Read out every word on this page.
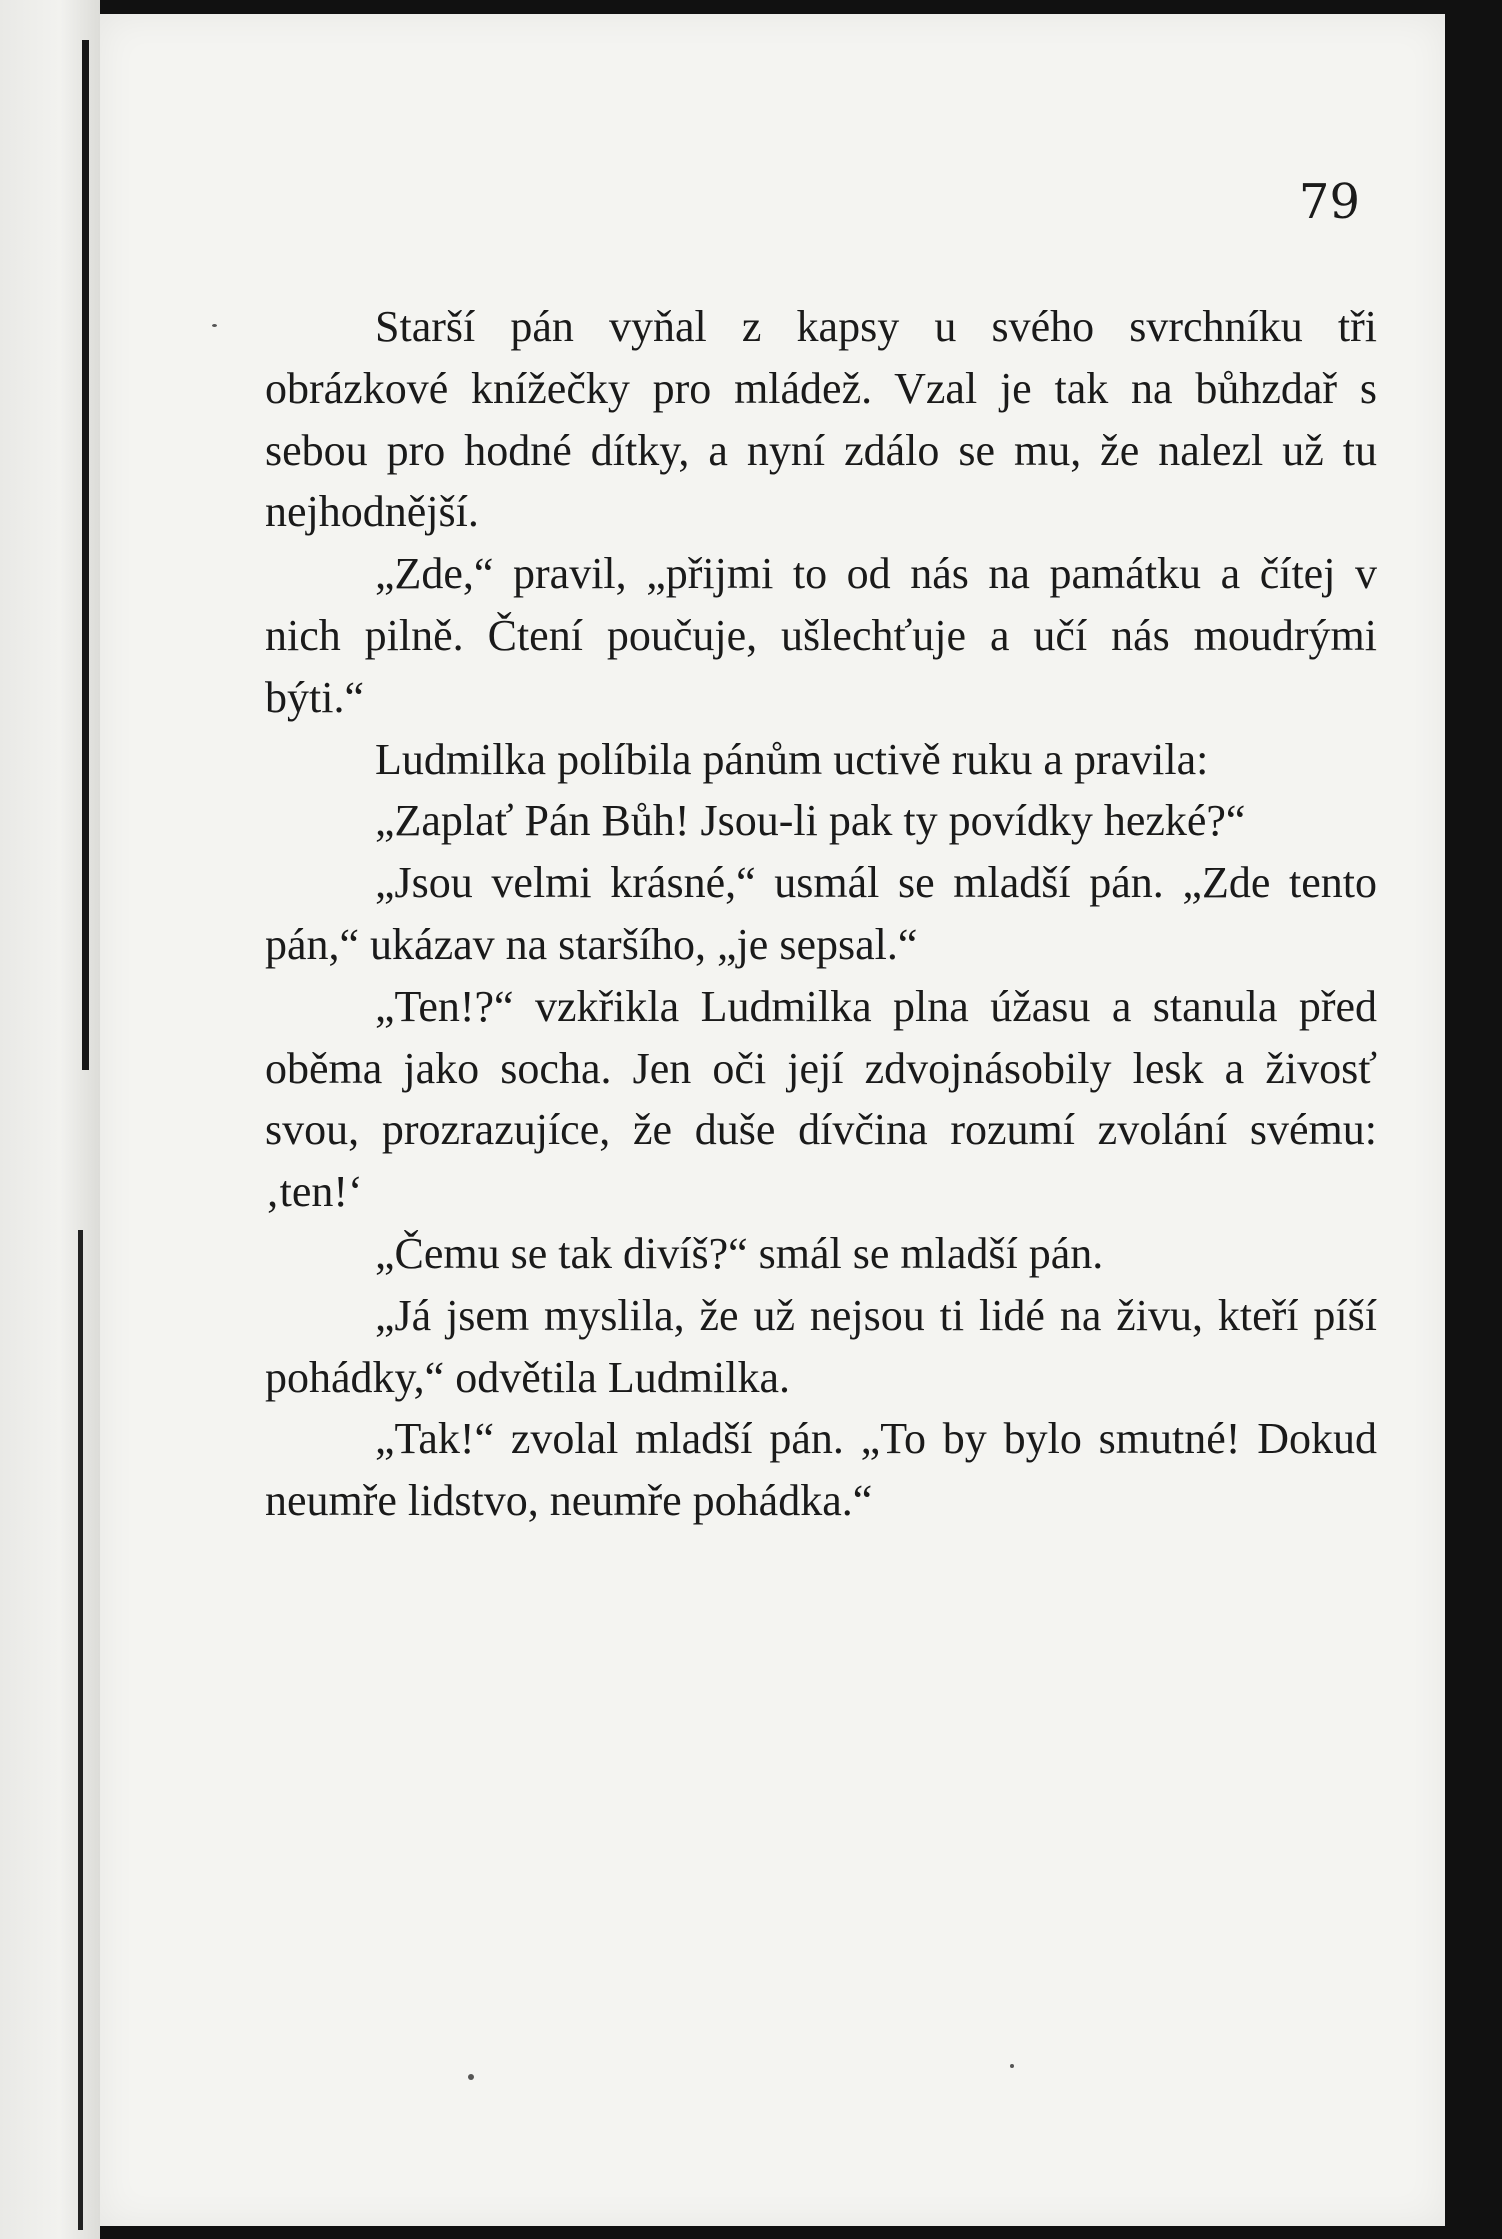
79

Starší pán vyňal z kapsy u svého svrchníku tři obrázkové knížečky pro mládež. Vzal je tak na bůhzdař s sebou pro hodné dítky, a nyní zdálo se mu, že nalezl už tu nejhodnější.

„Zde,“ pravil, „přijmi to od nás na památku a čítej v nich pilně. Čtení poučuje, ušlechťuje a učí nás moudrými býti.“

Ludmilka políbila pánům uctivě ruku a pravila:

„Zaplať Pán Bůh! Jsou-li pak ty povídky hezké?“

„Jsou velmi krásné,“ usmál se mladší pán. „Zde tento pán,“ ukázav na staršího, „je sepsal.“

„Ten!?“ vzkřikla Ludmilka plna úžasu a stanula před oběma jako socha. Jen oči její zdvojnásobily lesk a živosť svou, prozrazujíce, že duše dívčina rozumí zvolání svému: ‚ten!‘

„Čemu se tak divíš?“ smál se mladší pán.

„Já jsem myslila, že už nejsou ti lidé na živu, kteří píší pohádky,“ odvětila Ludmilka.

„Tak!“ zvolal mladší pán. „To by bylo smutné! Dokud neumře lidstvo, neumře pohádka.“
